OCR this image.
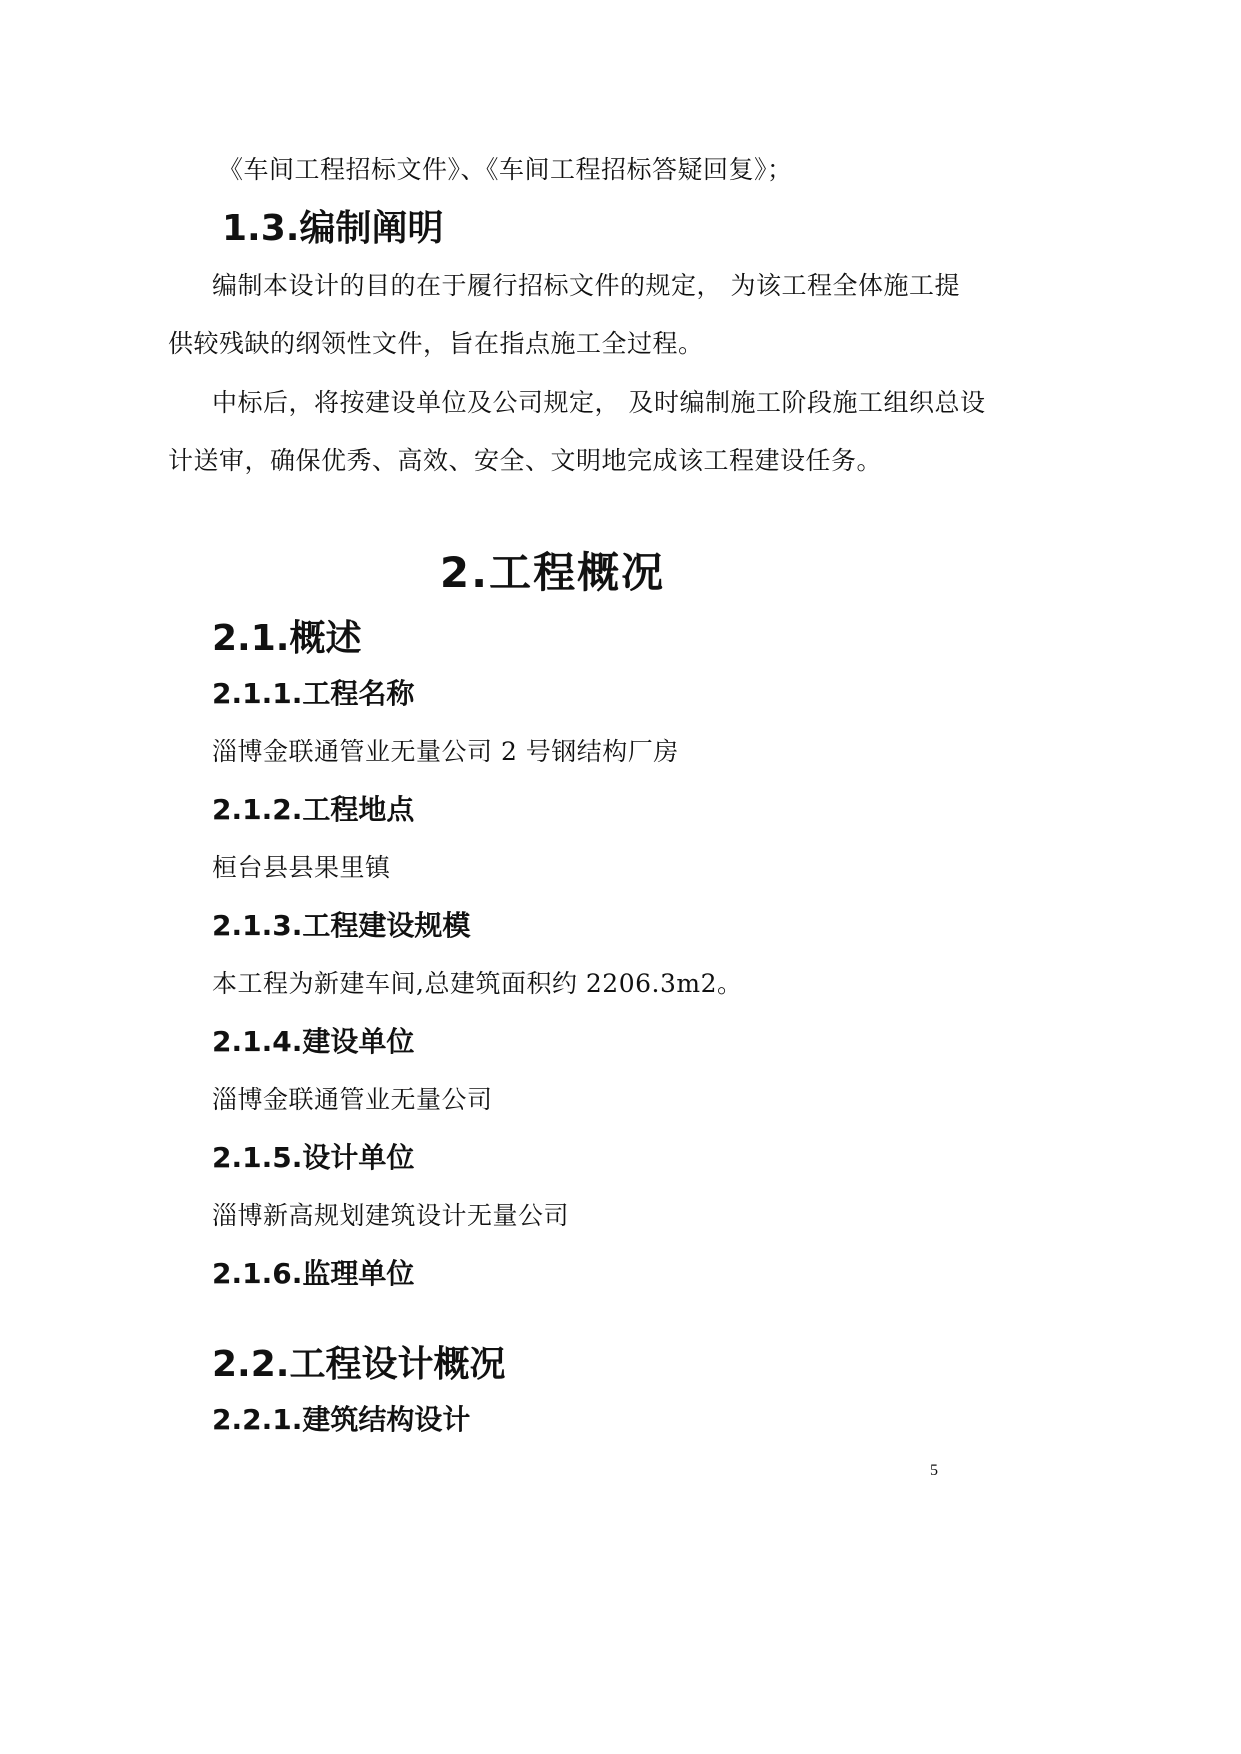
《车间工程招标文件》、《车间工程招标答疑回复》；
1.3.编制阐明
编制本设计的目的在于履行招标文件的规定， 为该工程全体施工提
供较残缺的纲领性文件，旨在指点施工全过程。
中标后，将按建设单位及公司规定， 及时编制施工阶段施工组织总设
计送审，确保优秀、高效、安全、文明地完成该工程建设任务。
2.工程概况
2.1.概述
2.1.1.工程名称
淄博金联通管业无量公司 2 号钢结构厂房
2.1.2.工程地点
桓台县县果里镇
2.1.3.工程建设规模
本工程为新建车间,总建筑面积约 2206.3m2。
2.1.4.建设单位
淄博金联通管业无量公司
2.1.5.设计单位
淄博新高规划建筑设计无量公司
2.1.6.监理单位
2.2.工程设计概况
2.2.1.建筑结构设计
5
